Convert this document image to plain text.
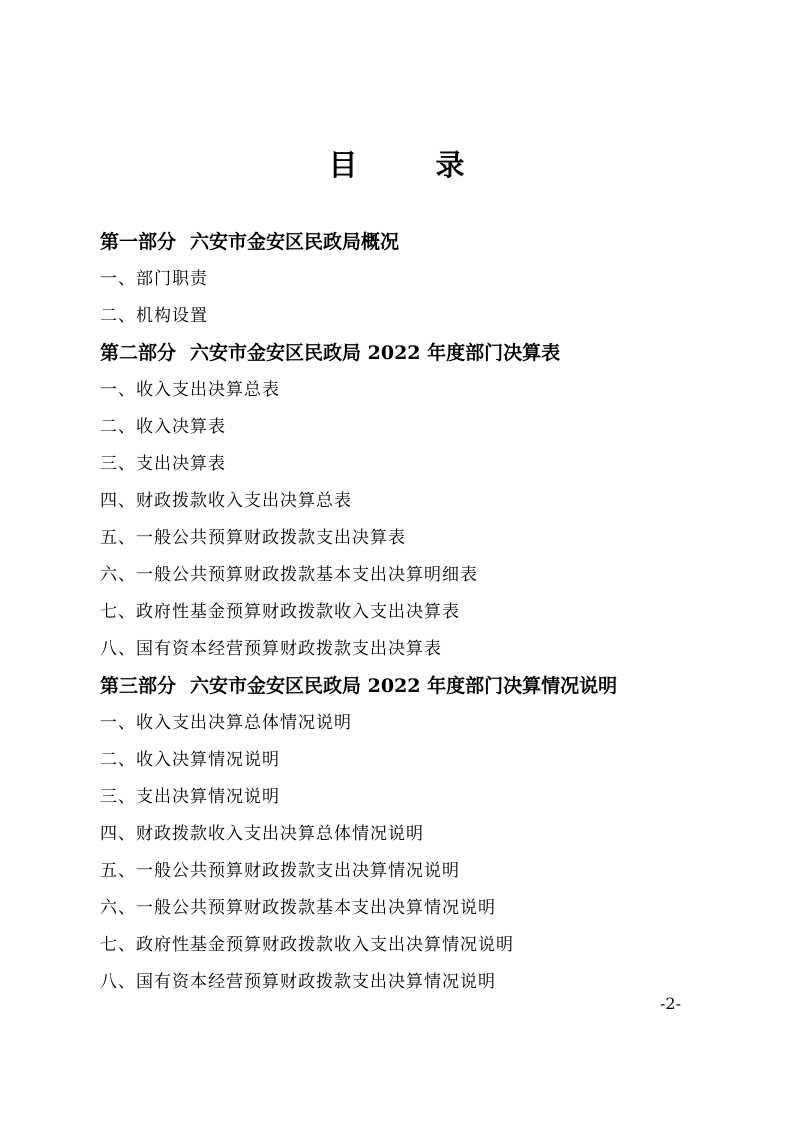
目 录
第一部分 六安市金安区民政局概况
一、部门职责
二、机构设置
第二部分 六安市金安区民政局 2022 年度部门决算表
一、收入支出决算总表
二、收入决算表
三、支出决算表
四、财政拨款收入支出决算总表
五、一般公共预算财政拨款支出决算表
六、一般公共预算财政拨款基本支出决算明细表
七、政府性基金预算财政拨款收入支出决算表
八、国有资本经营预算财政拨款支出决算表
第三部分 六安市金安区民政局 2022 年度部门决算情况说明
一、收入支出决算总体情况说明
二、收入决算情况说明
三、支出决算情况说明
四、财政拨款收入支出决算总体情况说明
五、一般公共预算财政拨款支出决算情况说明
六、一般公共预算财政拨款基本支出决算情况说明
七、政府性基金预算财政拨款收入支出决算情况说明
八、国有资本经营预算财政拨款支出决算情况说明
-2-
